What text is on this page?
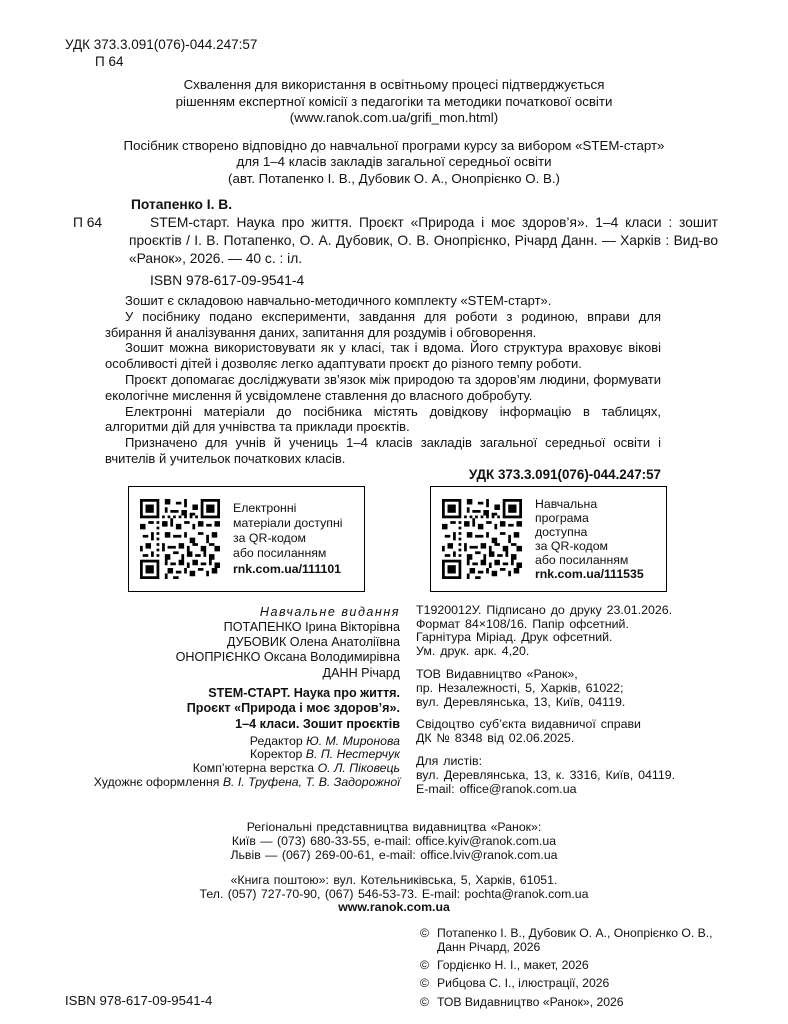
УДК 373.3.091(076)-044.247:57
П 64
Схвалення для використання в освітньому процесі підтверджується
рішенням експертної комісії з педагогіки та методики початкової освіти
(www.ranok.com.ua/grifi_mon.html)
Посібник створено відповідно до навчальної програми курсу за вибором «STEM-старт»
для 1–4 класів закладів загальної середньої освіти
(авт. Потапенко І. В., Дубовик О. А., Онопрієнко О. В.)
Потапенко І. В.
П 64	STEM-старт. Наука про життя. Проєкт «Природа і моє здоров’я». 1–4 класи : зошит проєктів / І. В. Потапенко, О. А. Дубовик, О. В. Онопрієнко, Річард Данн. — Харків : Вид-во «Ранок», 2026. — 40 с. : іл.
ISBN 978-617-09-9541-4

Зошит є складовою навчально-методичного комплекту «STEM-старт».

У посібнику подано експерименти, завдання для роботи з родиною, вправи для збирання й аналізування даних, запитання для роздумів і обговорення.

Зошит можна використовувати як у класі, так і вдома. Його структура враховує вікові особливості дітей і дозволяє легко адаптувати проєкт до різного темпу роботи.

Проєкт допомагає досліджувати зв’язок між природою та здоров’ям людини, формувати екологічне мислення й усвідомлене ставлення до власного добробуту.

Електронні матеріали до посібника містять довідкову інформацію в таблицях, алгоритми дій для учнівства та приклади проєктів.

Призначено для учнів й учениць 1–4 класів закладів загальної середньої освіти і вчителів й учительок початкових класів.

УДК 373.3.091(076)-044.247:57
Електронні
матеріали доступні
за QR-кодом
або посиланням
rnk.com.ua/111101
Навчальна
програма
доступна
за QR-кодом
або посиланням
rnk.com.ua/111535
Навчальне видання
ПОТАПЕНКО Ірина Вікторівна
ДУБОВИК Олена Анатоліївна
ОНОПРІЄНКО Оксана Володимирівна
ДАНН Річард
STEM-СТАРТ. Наука про життя.
Проєкт «Природа і моє здоров’я».
1–4 класи. Зошит проєктів
Редактор Ю. М. Миронова
Коректор В. П. Нестерчук
Комп’ютерна верстка О. Л. Піковець
Художнє оформлення В. І. Труфена, Т. В. Задорожної
Т1920012У. Підписано до друку 23.01.2026.
Формат 84×108/16. Папір офсетний.
Гарнітура Міріад. Друк офсетний.
Ум. друк. арк. 4,20.
ТОВ Видавництво «Ранок»,
пр. Незалежності, 5, Харків, 61022;
вул. Деревлянська, 13, Київ, 04119.
Свідоцтво суб’єкта видавничої справи
ДК № 8348 від 02.06.2025.
Для листів:
вул. Деревлянська, 13, к. 3316, Київ, 04119.
E-mail: office@ranok.com.ua
Регіональні представництва видавництва «Ранок»:
Київ — (073) 680-33-55, e-mail: office.kyiv@ranok.com.ua
Львів — (067) 269-00-61, e-mail: office.lviv@ranok.com.ua
«Книга поштою»: вул. Котельниківська, 5, Харків, 61051.
Тел. (057) 727-70-90, (067) 546-53-73. E-mail: pochta@ranok.com.ua
www.ranok.com.ua
© Потапенко І. В., Дубовик О. А., Онопрієнко О. В.,
Данн Річард, 2026
© Гордієнко Н. І., макет, 2026
© Рибцова С. І., ілюстрації, 2026
© ТОВ Видавництво «Ранок», 2026
ISBN 978-617-09-9541-4
